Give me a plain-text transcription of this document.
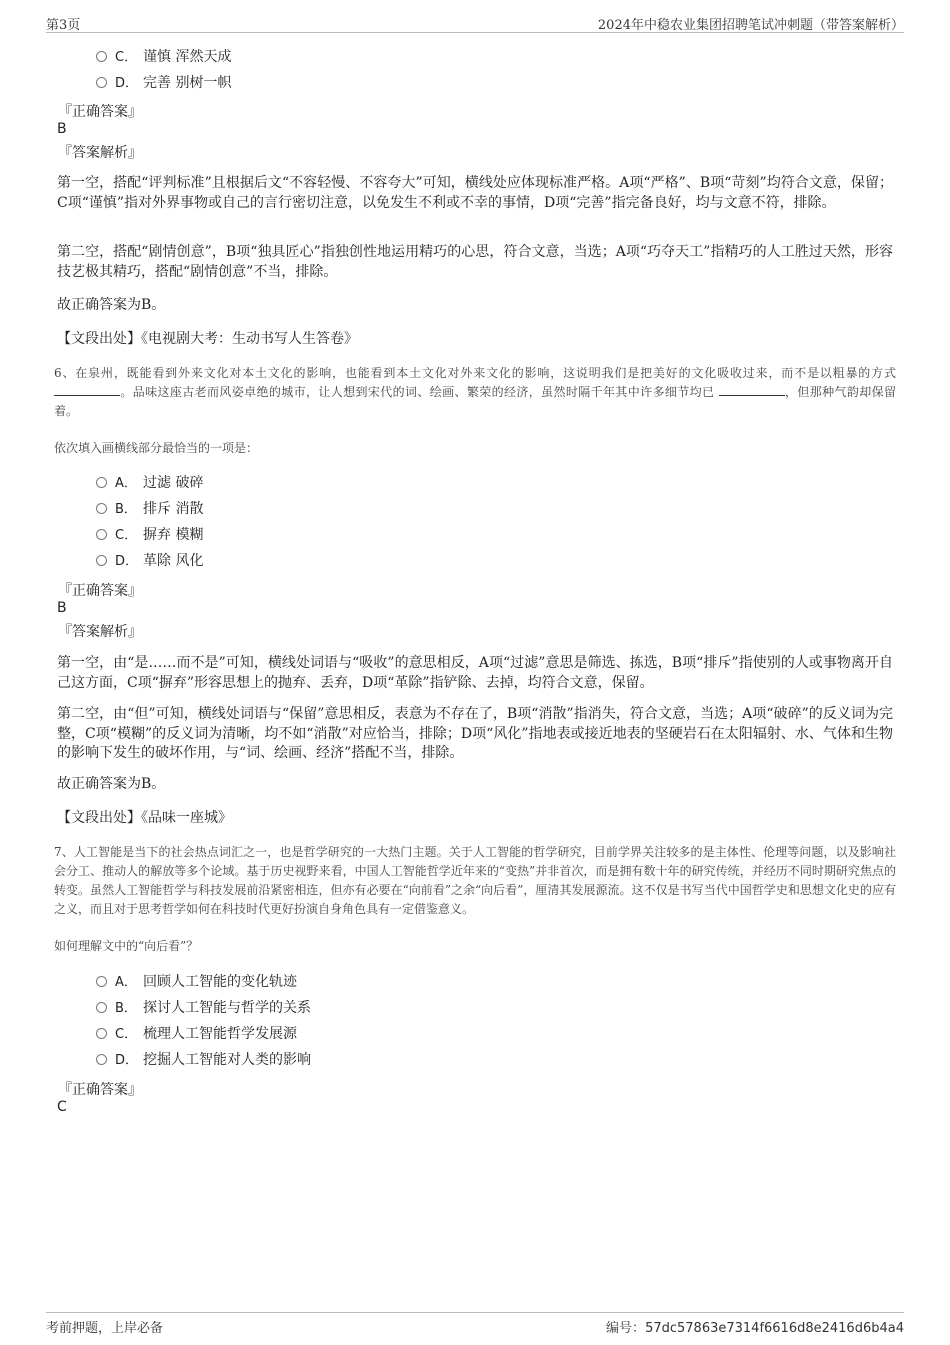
第3页	2024年中稳农业集团招聘笔试冲刺题（带答案解析）
C． 谨慎 浑然天成
D． 完善 别树一帜
『正确答案』
B
『答案解析』
第一空，搭配“评判标准”且根据后文“不容轻慢、不容夸大”可知，横线处应体现标准严格。A项“严格”、B项“苛刻”均符合文意，保留；C项“谨慎”指对外界事物或自己的言行密切注意，以免发生不利或不幸的事情，D项“完善”指完备良好，均与文意不符，排除。
第二空，搭配“剧情创意”，B项“独具匠心”指独创性地运用精巧的心思，符合文意，当选；A项“巧夺天工”指精巧的人工胜过天然，形容技艺极其精巧，搭配“剧情创意”不当，排除。
故正确答案为B。
【文段出处】《电视剧大考：生动书写人生答卷》
6、在泉州，既能看到外来文化对本土文化的影响，也能看到本土文化对外来文化的影响，这说明我们是把美好的文化吸收过来，而不是以粗暴的方式 。品味这座古老而风姿卓绝的城市，让人想到宋代的词、绘画、繁荣的经济，虽然时隔千年其中许多细节均已	，但那种气韵却保留着。
依次填入画横线部分最恰当的一项是：
A． 过滤 破碎
B． 排斥 消散
C． 摒弃 模糊
D． 革除 风化
『正确答案』
B
『答案解析』
第一空，由“是……而不是”可知，横线处词语与“吸收”的意思相反，A项“过滤”意思是筛选、拣选，B项“排斥”指使别的人或事物离开自己这方面，C项“摒弃”形容思想上的抛弃、丢弃，D项“革除”指铲除、去掉，均符合文意，保留。
第二空，由“但”可知，横线处词语与“保留”意思相反，表意为不存在了，B项“消散”指消失，符合文意，当选；A项“破碎”的反义词为完整，C项“模糊”的反义词为清晰，均不如“消散”对应恰当，排除；D项“风化”指地表或接近地表的坚硬岩石在太阳辐射、水、气体和生物的影响下发生的破坏作用，与“词、绘画、经济”搭配不当，排除。
故正确答案为B。
【文段出处】《品味一座城》
7、人工智能是当下的社会热点词汇之一，也是哲学研究的一大热门主题。关于人工智能的哲学研究，目前学界关注较多的是主体性、伦理等问题，以及影响社会分工、推动人的解放等多个论域。基于历史视野来看，中国人工智能哲学近年来的“变热”并非首次，而是拥有数十年的研究传统，并经历不同时期研究焦点的转变。虽然人工智能哲学与科技发展前沿紧密相连，但亦有必要在“向前看”之余“向后看”，厘清其发展源流。这不仅是书写当代中国哲学史和思想文化史的应有之义，而且对于思考哲学如何在科技时代更好扮演自身角色具有一定借鉴意义。
如何理解文中的“向后看”？
A． 回顾人工智能的变化轨迹
B． 探讨人工智能与哲学的关系
C． 梳理人工智能哲学发展源
D． 挖掘人工智能对人类的影响
『正确答案』
C
考前押题，上岸必备	编号：57dc57863e7314f6616d8e2416d6b4a4
